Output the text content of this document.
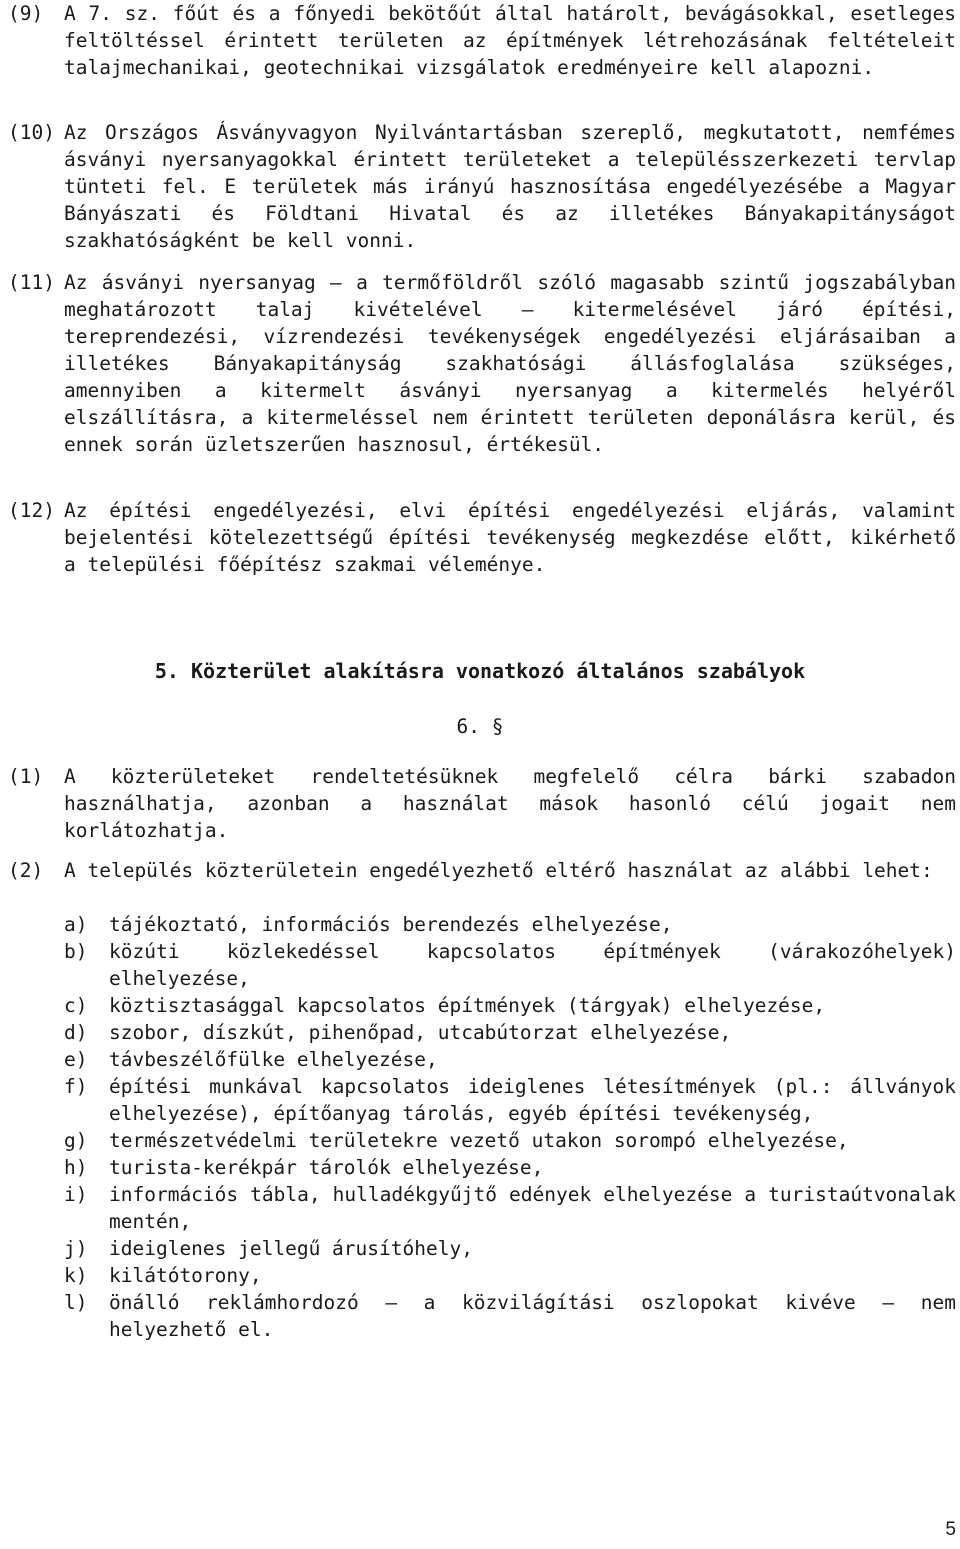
(9)	A 7. sz. főút és a főnyedi bekötőút által határolt, bevágásokkal, esetleges feltöltéssel érintett területen az építmények létrehozásának feltételeit talajmechanikai, geotechnikai vizsgálatok eredményeire kell alapozni.
(10) Az Országos Ásványvagyon Nyilvántartásban szereplő, megkutatott, nemfémes ásványi nyersanyagokkal érintett területeket a településszerkezeti tervlap tünteti fel. E területek más irányú hasznosítása engedélyezésébe a Magyar Bányászati és Földtani Hivatal és az illetékes Bányakapitányságot szakhatóságként be kell vonni.
(11) Az ásványi nyersanyag – a termőföldről szóló magasabb szintű jogszabályban meghatározott talaj kivételével – kitermelésével járó építési, tereprendezési, vízrendezési tevékenységek engedélyezési eljárásaiban a illetékes Bányakapitányság szakhatósági állásfoglalása szükséges, amennyiben a kitermelt ásványi nyersanyag a kitermelés helyéről elszállításra, a kitermeléssel nem érintett területen deponálásra kerül, és ennek során üzletszerűen hasznosul, értékesül.
(12) Az építési engedélyezési, elvi építési engedélyezési eljárás, valamint bejelentési kötelezettségű építési tevékenység megkezdése előtt, kikérhető a települési főépítész szakmai véleménye.
5. Közterület alakításra vonatkozó általános szabályok
6. §
(1)	A közterületeket rendeltetésüknek megfelelő célra bárki szabadon használhatja, azonban a használat mások hasonló célú jogait nem korlátozhatja.
(2)	A település közterületein engedélyezhető eltérő használat az alábbi lehet:
a)	tájékoztató, információs berendezés elhelyezése,
b)	közúti közlekedéssel kapcsolatos építmények (várakozóhelyek) elhelyezése,
c)	köztisztasággal kapcsolatos építmények (tárgyak) elhelyezése,
d)	szobor, díszkút, pihenőpad, utcabútorzat elhelyezése,
e)	távbeszélőfülke elhelyezése,
f)	építési munkával kapcsolatos ideiglenes létesítmények (pl.: állványok elhelyezése), építőanyag tárolás, egyéb építési tevékenység,
g)	természetvédelmi területekre vezető utakon sorompó elhelyezése,
h)	turista-kerékpár tárolók elhelyezése,
i)	információs tábla, hulladékgyűjtő edények elhelyezése a turistaútvonalak mentén,
j)	ideiglenes jellegű árusítóhely,
k)	kilátótorony,
l)	önálló reklámhordozó – a közvilágítási oszlopokat kivéve – nem helyezhető el.
5
